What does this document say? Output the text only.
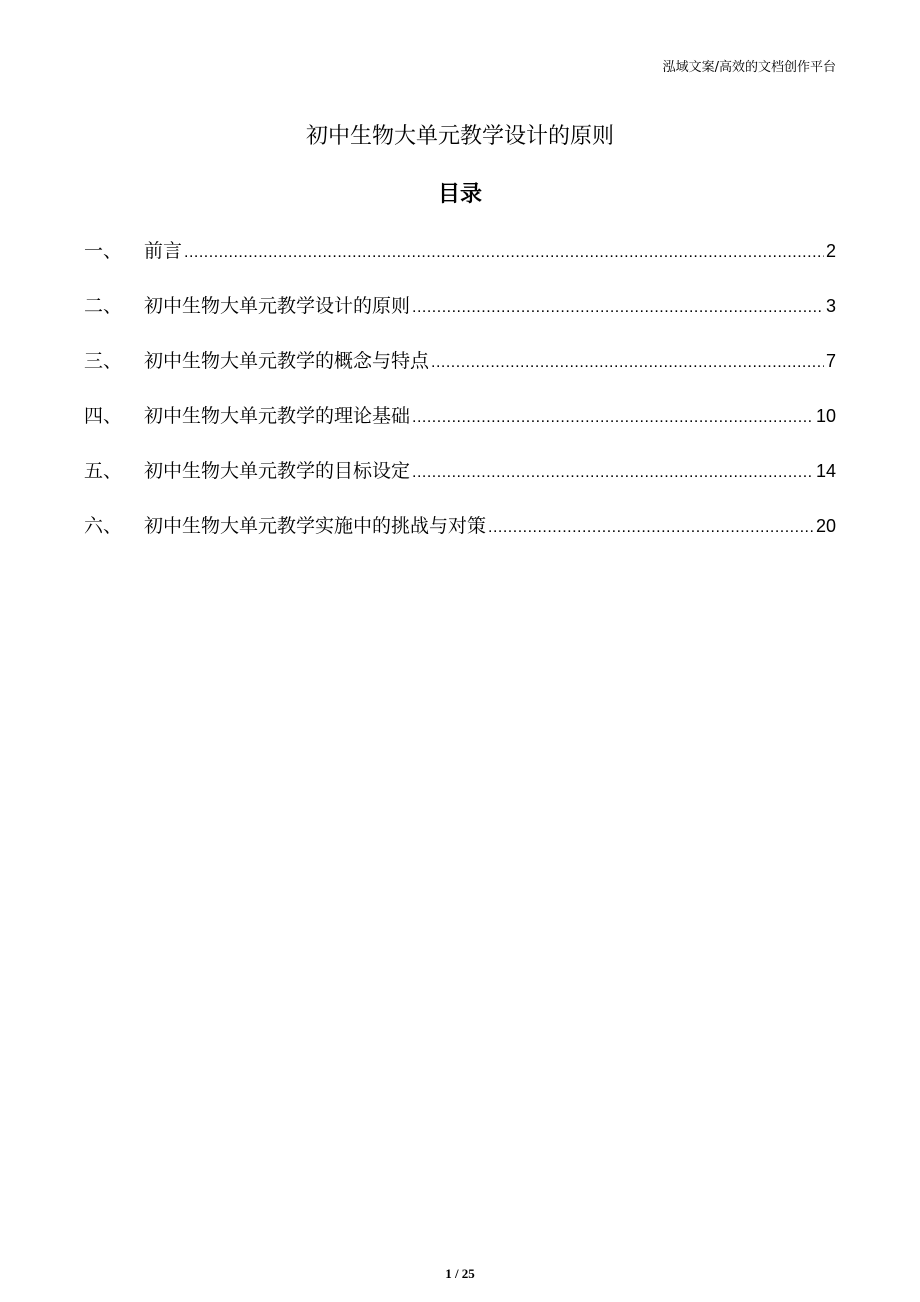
泓域文案/高效的文档创作平台
初中生物大单元教学设计的原则
目录
一、	前言 .....	2
二、	初中生物大单元教学设计的原则 .....	3
三、	初中生物大单元教学的概念与特点 .....	7
四、	初中生物大单元教学的理论基础 .....	10
五、	初中生物大单元教学的目标设定 .....	14
六、	初中生物大单元教学实施中的挑战与对策 .....	20
1 / 25
